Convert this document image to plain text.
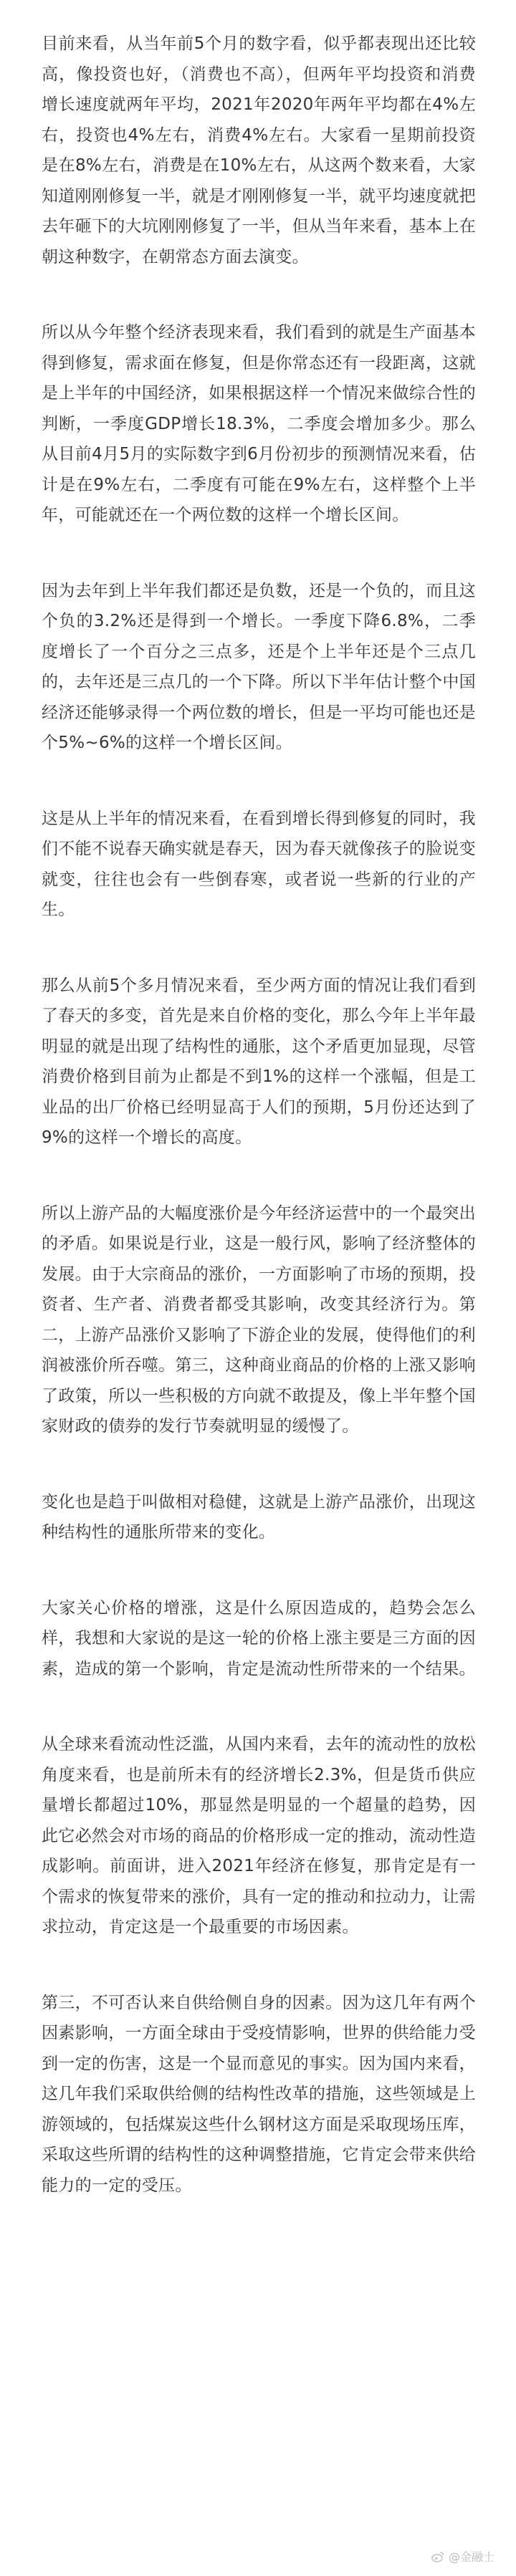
目前来看，从当年前5个月的数字看，似乎都表现出还比较高，像投资也好，（消费也不高），但两年平均投资和消费增长速度就两年平均，2021年2020年两年平均都在4%左右，投资也4%左右，消费4%左右。大家看一星期前投资是在8%左右，消费是在10%左右，从这两个数来看，大家知道刚刚修复一半，就是才刚刚修复一半，就平均速度就把去年砸下的大坑刚刚修复了一半，但从当年来看，基本上在朝这种数字，在朝常态方面去演变。

所以从今年整个经济表现来看，我们看到的就是生产面基本得到修复，需求面在修复，但是你常态还有一段距离，这就是上半年的中国经济，如果根据这样一个情况来做综合性的判断，一季度GDP增长18.3%，二季度会增加多少。那么从目前4月5月的实际数字到6月份初步的预测情况来看，估计是在9%左右，二季度有可能在9%左右，这样整个上半年，可能就还在一个两位数的这样一个增长区间。

因为去年到上半年我们都还是负数，还是一个负的，而且这个负的3.2%还是得到一个增长。一季度下降6.8%，二季度增长了一个百分之三点多，还是个上半年还是个三点几的，去年还是三点几的一个下降。所以下半年估计整个中国经济还能够录得一个两位数的增长，但是一平均可能也还是个5%~6%的这样一个增长区间。

这是从上半年的情况来看，在看到增长得到修复的同时，我们不能不说春天确实就是春天，因为春天就像孩子的脸说变就变，往往也会有一些倒春寒，或者说一些新的行业的产生。

那么从前5个多月情况来看，至少两方面的情况让我们看到了春天的多变，首先是来自价格的变化，那么今年上半年最明显的就是出现了结构性的通胀，这个矛盾更加显现，尽管消费价格到目前为止都是不到1%的这样一个涨幅，但是工业品的出厂价格已经明显高于人们的预期，5月份还达到了9%的这样一个增长的高度。

所以上游产品的大幅度涨价是今年经济运营中的一个最突出的矛盾。如果说是行业，这是一般行风，影响了经济整体的发展。由于大宗商品的涨价，一方面影响了市场的预期，投资者、生产者、消费者都受其影响，改变其经济行为。第二，上游产品涨价又影响了下游企业的发展，使得他们的利润被涨价所吞噬。第三，这种商业商品的价格的上涨又影响了政策，所以一些积极的方向就不敢提及，像上半年整个国家财政的债券的发行节奏就明显的缓慢了。

变化也是趋于叫做相对稳健，这就是上游产品涨价，出现这种结构性的通胀所带来的变化。

大家关心价格的增涨，这是什么原因造成的，趋势会怎么样，我想和大家说的是这一轮的价格上涨主要是三方面的因素，造成的第一个影响，肯定是流动性所带来的一个结果。

从全球来看流动性泛滥，从国内来看，去年的流动性的放松角度来看，也是前所未有的经济增长2.3%，但是货币供应量增长都超过10%，那显然是明显的一个超量的趋势，因此它必然会对市场的商品的价格形成一定的推动，流动性造成影响。前面讲，进入2021年经济在修复，那肯定是有一个需求的恢复带来的涨价，具有一定的推动和拉动力，让需求拉动，肯定这是一个最重要的市场因素。

第三，不可否认来自供给侧自身的因素。因为这几年有两个因素影响，一方面全球由于受疫情影响，世界的供给能力受到一定的伤害，这是一个显而意见的事实。因为国内来看，这几年我们采取供给侧的结构性改革的措施，这些领域是上游领域的，包括煤炭这些什么钢材这方面是采取现场压库，采取这些所谓的结构性的这种调整措施，它肯定会带来供给能力的一定的受压。

@金融士
